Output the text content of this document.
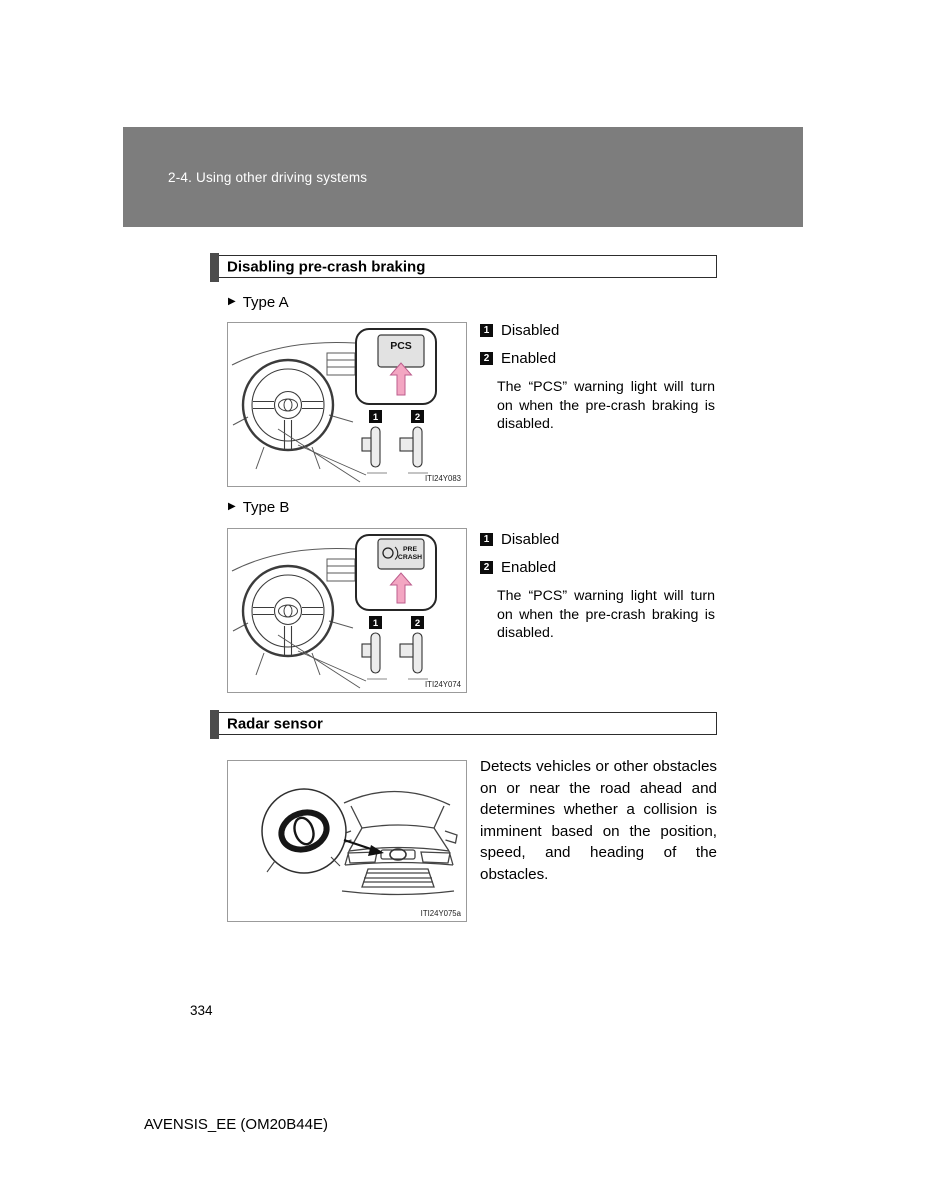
2-4. Using other driving systems
Disabling pre-crash braking
▶ Type A
PCS
1	2
ITI24Y083
1 Disabled
2 Enabled

The “PCS” warning light will turn on when the pre-crash braking is disabled.

▶ Type B
PRE
CRASH
1	2
ITI24Y074
1 Disabled
2 Enabled

The “PCS” warning light will turn on when the pre-crash braking is disabled.

Radar sensor
ITI24Y075a

Detects vehicles or other obstacles on or near the road ahead and determines whether a collision is imminent based on the position, speed, and heading of the obstacles.

334
AVENSIS_EE (OM20B44E)
